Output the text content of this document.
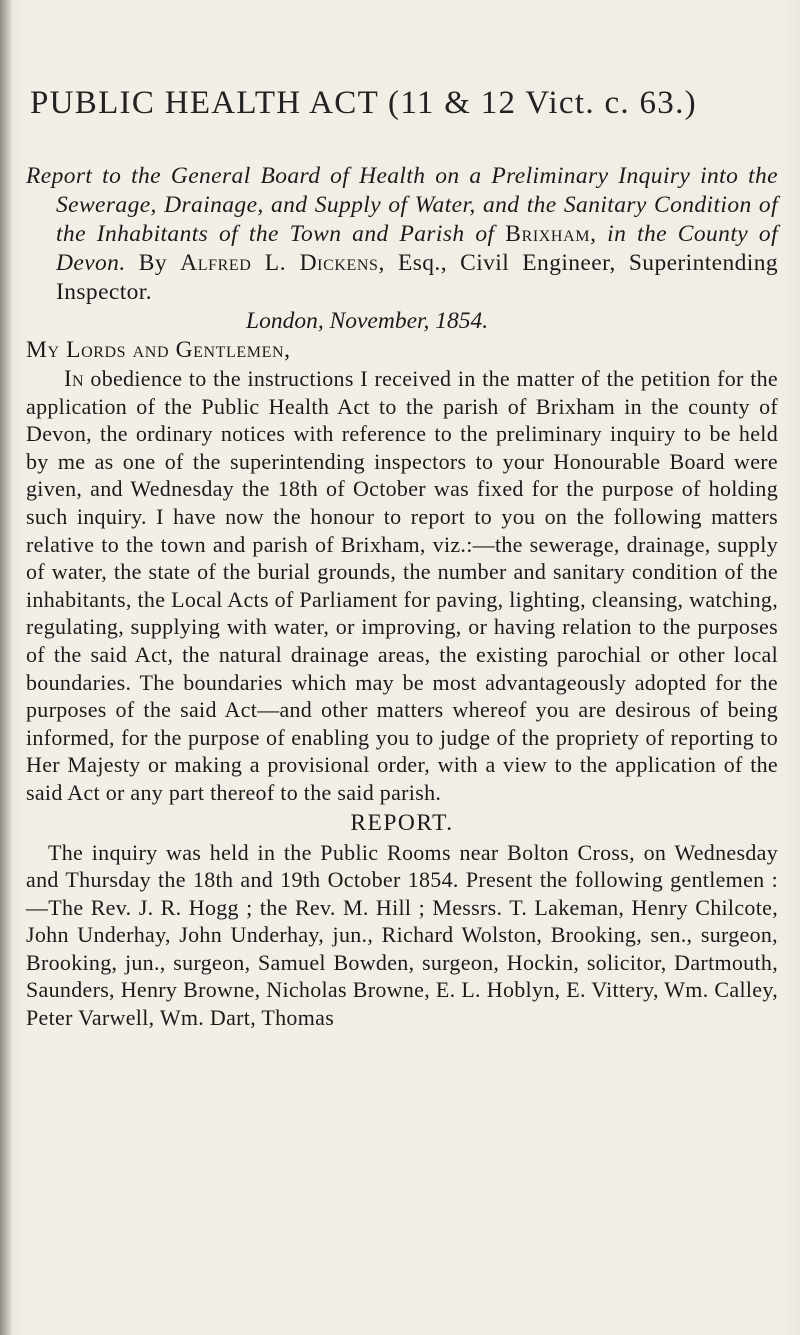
PUBLIC HEALTH ACT (11 & 12 Vict. c. 63.)

Report to the General Board of Health on a Preliminary Inquiry into the Sewerage, Drainage, and Supply of Water, and the Sanitary Condition of the Inhabitants of the Town and Parish of Brixham, in the County of Devon. By Alfred L. Dickens, Esq., Civil Engineer, Superintending Inspector.

London, November, 1854.

My Lords and Gentlemen,

In obedience to the instructions I received in the matter of the petition for the application of the Public Health Act to the parish of Brixham in the county of Devon, the ordinary notices with reference to the preliminary inquiry to be held by me as one of the superintending inspectors to your Honourable Board were given, and Wednesday the 18th of October was fixed for the purpose of holding such inquiry. I have now the honour to report to you on the following matters relative to the town and parish of Brixham, viz.:—the sewerage, drainage, supply of water, the state of the burial grounds, the number and sanitary condition of the inhabitants, the Local Acts of Parliament for paving, lighting, cleansing, watching, regulating, supplying with water, or improving, or having relation to the purposes of the said Act, the natural drainage areas, the existing parochial or other local boundaries. The boundaries which may be most advantageously adopted for the purposes of the said Act—and other matters whereof you are desirous of being informed, for the purpose of enabling you to judge of the propriety of reporting to Her Majesty or making a provisional order, with a view to the application of the said Act or any part thereof to the said parish.

REPORT.

The inquiry was held in the Public Rooms near Bolton Cross, on Wednesday and Thursday the 18th and 19th October 1854. Present the following gentlemen :—The Rev. J. R. Hogg ; the Rev. M. Hill ; Messrs. T. Lakeman, Henry Chilcote, John Underhay, John Underhay, jun., Richard Wolston, Brooking, sen., surgeon, Brooking, jun., surgeon, Samuel Bowden, surgeon, Hockin, solicitor, Dartmouth, Saunders, Henry Browne, Nicholas Browne, E. L. Hoblyn, E. Vittery, Wm. Calley, Peter Varwell, Wm. Dart, Thomas
